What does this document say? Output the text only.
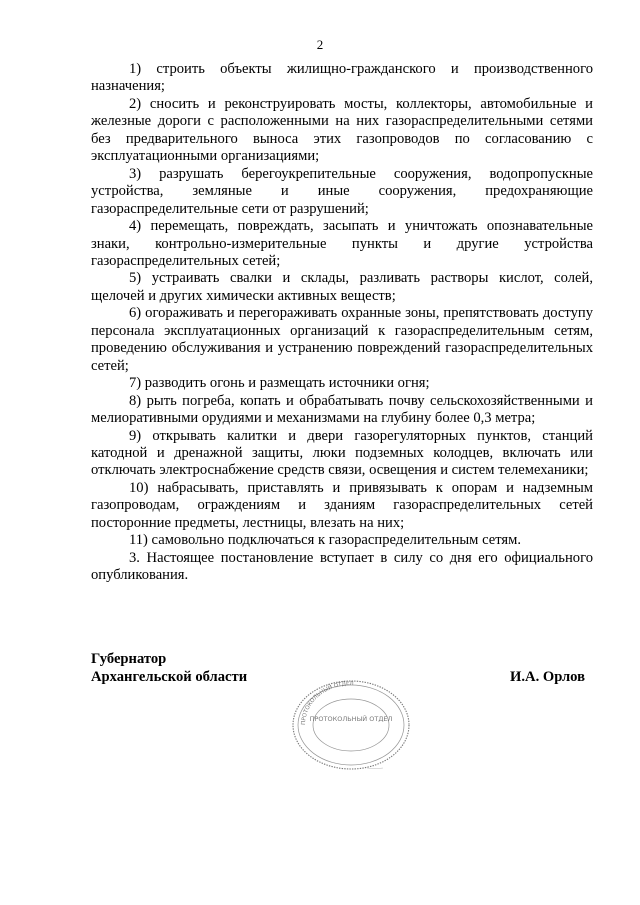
2

1) строить объекты жилищно-гражданского и производственного назначения;

2) сносить и реконструировать мосты, коллекторы, автомобильные и железные дороги с расположенными на них газораспределительными сетями без предварительного выноса этих газопроводов по согласованию с эксплуатационными организациями;

3) разрушать берегоукрепительные сооружения, водопропускные устройства, земляные и иные сооружения, предохраняющие газораспределительные сети от разрушений;

4) перемещать, повреждать, засыпать и уничтожать опознавательные знаки, контрольно-измерительные пункты и другие устройства газораспределительных сетей;

5) устраивать свалки и склады, разливать растворы кислот, солей, щелочей и других химически активных веществ;

6) огораживать и перегораживать охранные зоны, препятствовать доступу персонала эксплуатационных организаций к газораспределительным сетям, проведению обслуживания и устранению повреждений газораспределительных сетей;

7) разводить огонь и размещать источники огня;

8) рыть погреба, копать и обрабатывать почву сельскохозяйственными и мелиоративными орудиями и механизмами на глубину более 0,3 метра;

9) открывать калитки и двери газорегуляторных пунктов, станций катодной и дренажной защиты, люки подземных колодцев, включать или отключать электроснабжение средств связи, освещения и систем телемеханики;

10) набрасывать, приставлять и привязывать к опорам и надземным газопроводам, ограждениям и зданиям газораспределительных сетей посторонние предметы, лестницы, влезать на них;

11) самовольно подключаться к газораспределительным сетям.

3. Настоящее постановление вступает в силу со дня его официального опубликования.

Губернатор
Архангельской области	И.А. Орлов
ПРОТОКОЛЬНЫЙ ОТДЕЛ
ПРОТОКОЛЬНЫЙ ОТДЕЛ
